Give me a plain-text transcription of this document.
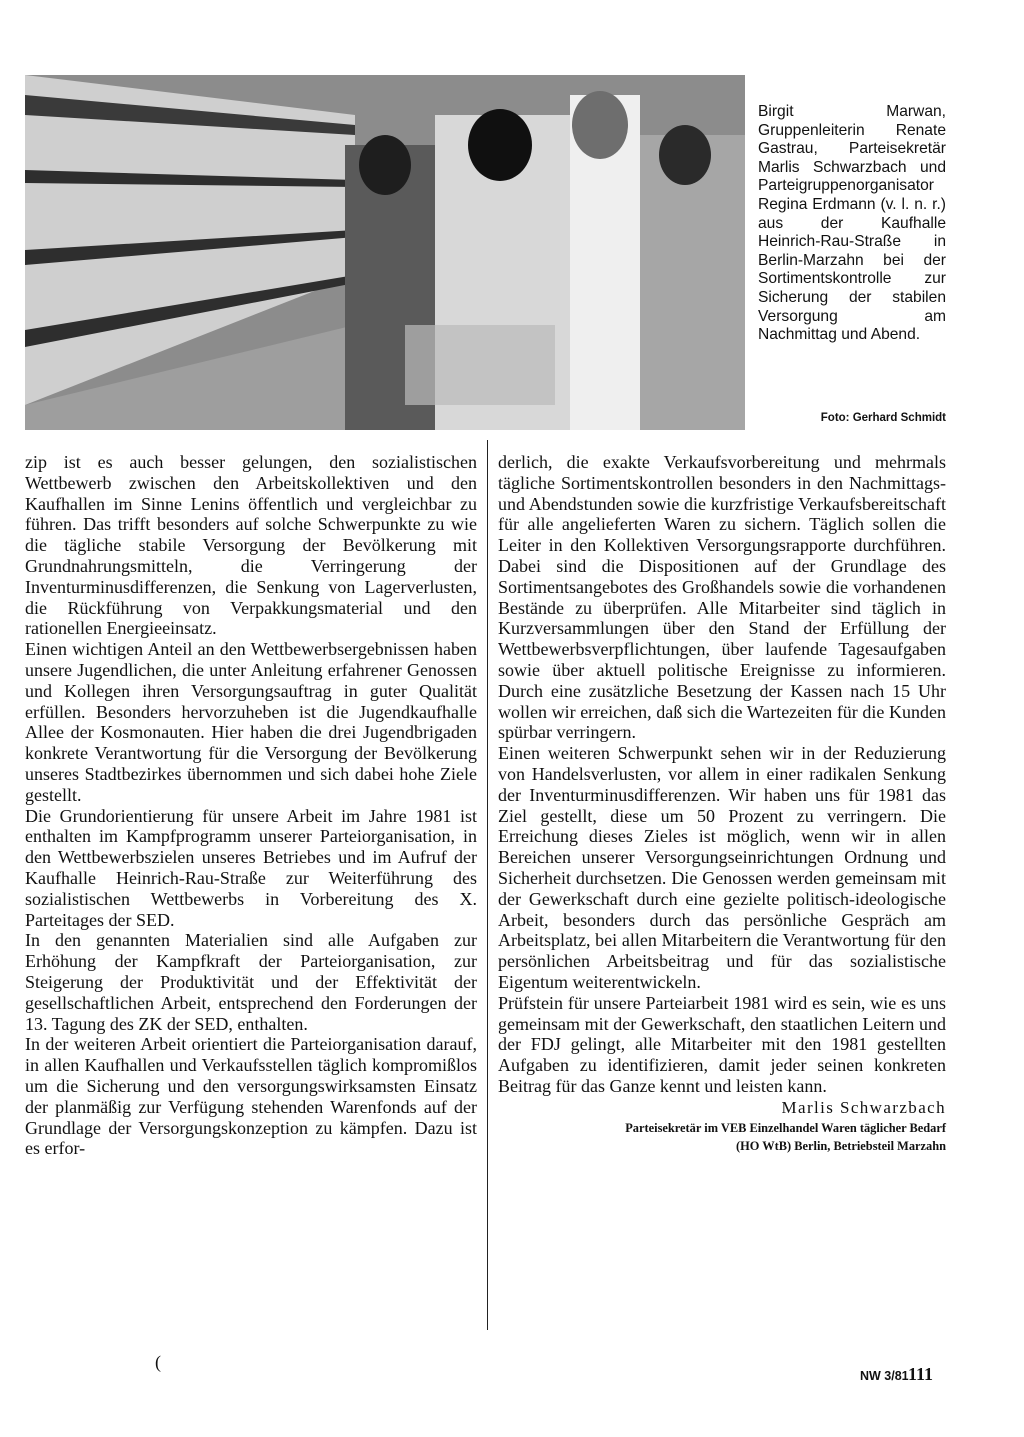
Birgit Marwan, Gruppenleiterin Renate Gastrau, Parteisekretär Marlis Schwarzbach und Parteigruppenorganisator Regina Erdmann (v. l. n. r.) aus der Kaufhalle Heinrich-Rau-Straße in Berlin-Marzahn bei der Sortimentskontrolle zur Sicherung der stabilen Versorgung am Nachmittag und Abend.
Foto: Gerhard Schmidt

zip ist es auch besser gelungen, den sozialistischen Wettbewerb zwischen den Arbeitskollektiven und den Kaufhallen im Sinne Lenins öffentlich und vergleichbar zu führen. Das trifft besonders auf solche Schwerpunkte zu wie die tägliche stabile Versorgung der Bevölkerung mit Grundnahrungsmitteln, die Verringerung der Inventurminusdifferenzen, die Senkung von Lagerverlusten, die Rückführung von Verpakkungsmaterial und den rationellen Energieeinsatz.

Einen wichtigen Anteil an den Wettbewerbsergebnissen haben unsere Jugendlichen, die unter Anleitung erfahrener Genossen und Kollegen ihren Versorgungsauftrag in guter Qualität erfüllen. Besonders hervorzuheben ist die Jugendkaufhalle Allee der Kosmonauten. Hier haben die drei Jugendbrigaden konkrete Verantwortung für die Versorgung der Bevölkerung unseres Stadtbezirkes übernommen und sich dabei hohe Ziele gestellt.

Die Grundorientierung für unsere Arbeit im Jahre 1981 ist enthalten im Kampfprogramm unserer Parteiorganisation, in den Wettbewerbszielen unseres Betriebes und im Aufruf der Kaufhalle Heinrich-Rau-Straße zur Weiterführung des sozialistischen Wettbewerbs in Vorbereitung des X. Parteitages der SED.

In den genannten Materialien sind alle Aufgaben zur Erhöhung der Kampfkraft der Parteiorganisation, zur Steigerung der Produktivität und der Effektivität der gesellschaftlichen Arbeit, entsprechend den Forderungen der 13. Tagung des ZK der SED, enthalten.

In der weiteren Arbeit orientiert die Parteiorganisation darauf, in allen Kaufhallen und Verkaufsstellen täglich kompromißlos um die Sicherung und den versorgungswirksamsten Einsatz der planmäßig zur Verfügung stehenden Warenfonds auf der Grundlage der Versorgungskonzeption zu kämpfen. Dazu ist es erfor-

derlich, die exakte Verkaufsvorbereitung und mehrmals tägliche Sortimentskontrollen besonders in den Nachmittags- und Abendstunden sowie die kurzfristige Verkaufsbereitschaft für alle angelieferten Waren zu sichern. Täglich sollen die Leiter in den Kollektiven Versorgungsrapporte durchführen. Dabei sind die Dispositionen auf der Grundlage des Sortimentsangebotes des Großhandels sowie die vorhandenen Bestände zu überprüfen. Alle Mitarbeiter sind täglich in Kurzversammlungen über den Stand der Erfüllung der Wettbewerbsverpflichtungen, über laufende Tagesaufgaben sowie über aktuell politische Ereignisse zu informieren. Durch eine zusätzliche Besetzung der Kassen nach 15 Uhr wollen wir erreichen, daß sich die Wartezeiten für die Kunden spürbar verringern.

Einen weiteren Schwerpunkt sehen wir in der Reduzierung von Handelsverlusten, vor allem in einer radikalen Senkung der Inventurminusdifferenzen. Wir haben uns für 1981 das Ziel gestellt, diese um 50 Prozent zu verringern. Die Erreichung dieses Zieles ist möglich, wenn wir in allen Bereichen unserer Versorgungseinrichtungen Ordnung und Sicherheit durchsetzen. Die Genossen werden gemeinsam mit der Gewerkschaft durch eine gezielte politisch-ideologische Arbeit, besonders durch das persönliche Gespräch am Arbeitsplatz, bei allen Mitarbeitern die Verantwortung für den persönlichen Arbeitsbeitrag und für das sozialistische Eigentum weiterentwickeln.

Prüfstein für unsere Parteiarbeit 1981 wird es sein, wie es uns gemeinsam mit der Gewerkschaft, den staatlichen Leitern und der FDJ gelingt, alle Mitarbeiter mit den 1981 gestellten Aufgaben zu identifizieren, damit jeder seinen konkreten Beitrag für das Ganze kennt und leisten kann.

Marlis Schwarzbach
Parteisekretär im VEB Einzelhandel Waren täglicher Bedarf
(HO WtB) Berlin, Betriebsteil Marzahn
(
NW 3/81 111
